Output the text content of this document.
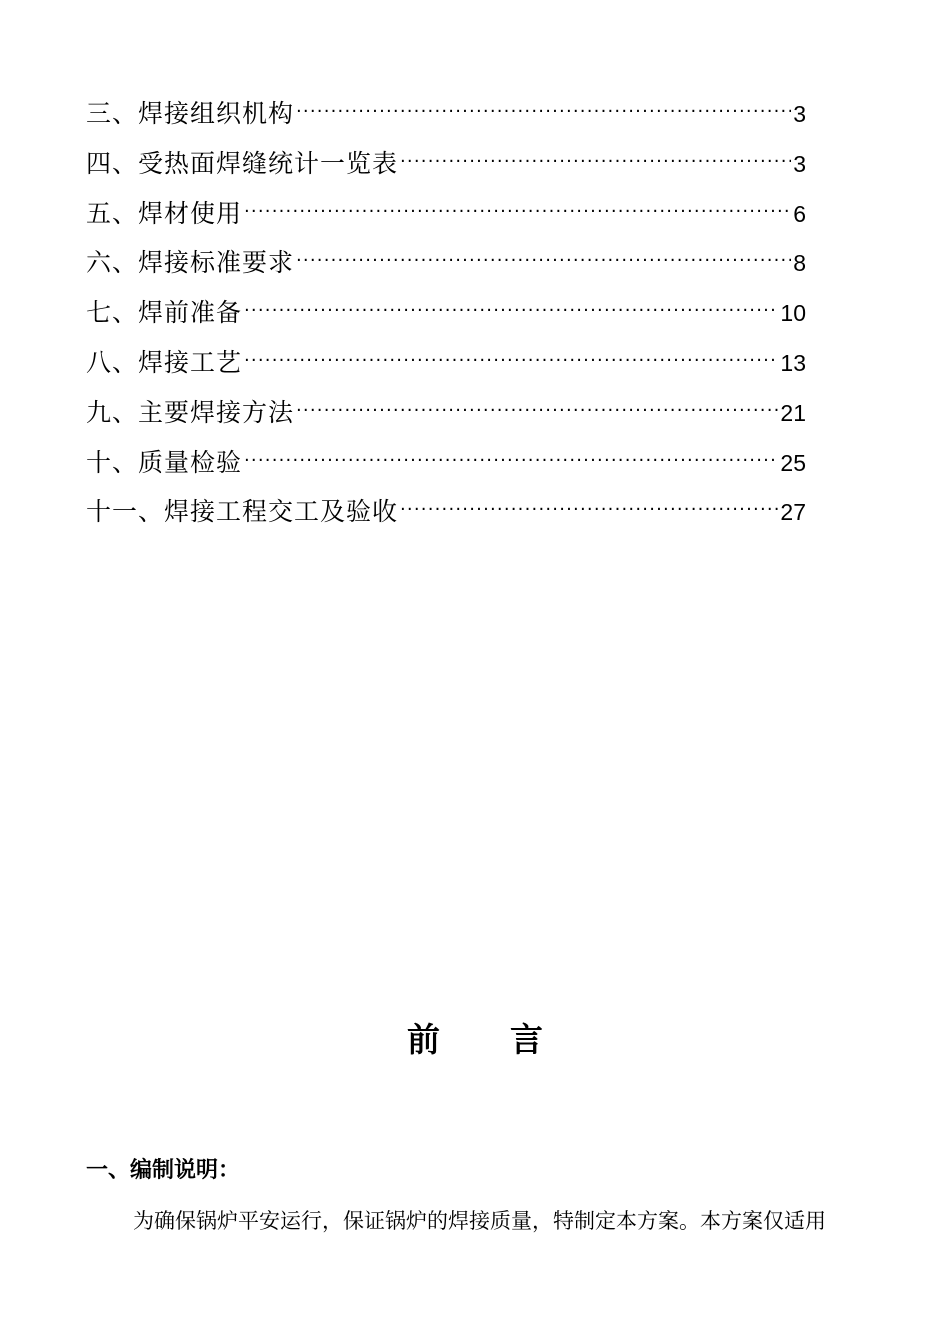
三、焊接组织机构 ·····	3
四、受热面焊缝统计一览表 ·····	3
五、焊材使用 ·····	6
六、焊接标准要求 ·····	8
七、焊前准备 ·····	10
八、焊接工艺 ·····	13
九、主要焊接方法 ·····	21
十、质量检验 ·····	25
十一、焊接工程交工及验收 ·····	27
前言
一、编制说明：
为确保锅炉平安运行，保证锅炉的焊接质量，特制定本方案。本方案仅适用
